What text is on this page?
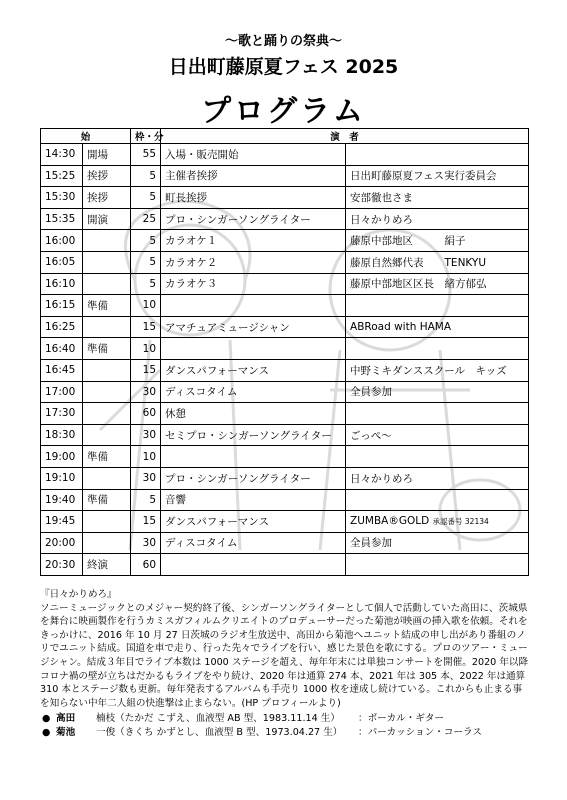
〜歌と踊りの祭典〜
日出町藤原夏フェス 2025
プログラム
始		枠・分	演　者	
14:30	開場	55	入場・販売開始	
15:25	挨拶	5	主催者挨拶	日出町藤原夏フェス実行委員会
15:30	挨拶	5	町長挨拶	安部徹也さま
15:35	開演	25	プロ・シンガーソングライター	日々かりめろ
16:00		5	カラオケ１	藤原中部地区　　　絹子
16:05		5	カラオケ２	藤原自然郷代表　　TENKYU
16:10		5	カラオケ３	藤原中部地区区長　緒方郁弘
16:15	準備	10		
16:25		15	アマチュアミュージシャン	ABRoad with HAMA
16:40	準備	10		
16:45		15	ダンスパフォーマンス	中野ミキダンススクール　キッズ
17:00		30	ディスコタイム	全員参加
17:30		60	休憩	
18:30		30	セミプロ・シンガーソングライター	ごっぺ〜
19:00	準備	10		
19:10		30	プロ・シンガーソングライター	日々かりめろ
19:40	準備	5	音響	
19:45		15	ダンスパフォーマンス	ZUMBA®GOLD 承認番号 32134
20:00		30	ディスコタイム	全員参加
20:30	終演	60		

『日々かりめろ』

ソニーミュージックとのメジャー契約終了後、シンガーソングライターとして個人で活動していた高田に、茨城県を舞台に映画製作を行うカミスガフィルムクリエイトのプロデューサーだった菊池が映画の挿入歌を依頼。それをきっかけに、2016 年 10 月 27 日茨城のラジオ生放送中、高田から菊池へユニット結成の申し出があり番組のノリでユニット結成。国道を車で走り、行った先々でライブを行い、感じた景色を歌にする。プロのツアー・ミュージシャン。結成３年目でライブ本数は 1000 ステージを超え、毎年年末には単独コンサートを開催。2020 年以降コロナ禍の壁が立ちはだかるもライブをやり続け、2020 年は通算 274 本、2021 年は 305 本、2022 年は通算 310 本とステージ数も更新。毎年発表するアルバムも手売り 1000 枚を達成し続けている。これからも止まる事を知らない中年二人組の快進撃は止まらない。(HP プロフィールより)

● 高田	楠枝（たかだ こずえ、血液型 AB 型、1983.11.14 生）	：ボーカル・ギター
● 菊池	一俊（きくち かずとし、血液型 B 型、1973.04.27 生）	：パーカッション・コーラス
